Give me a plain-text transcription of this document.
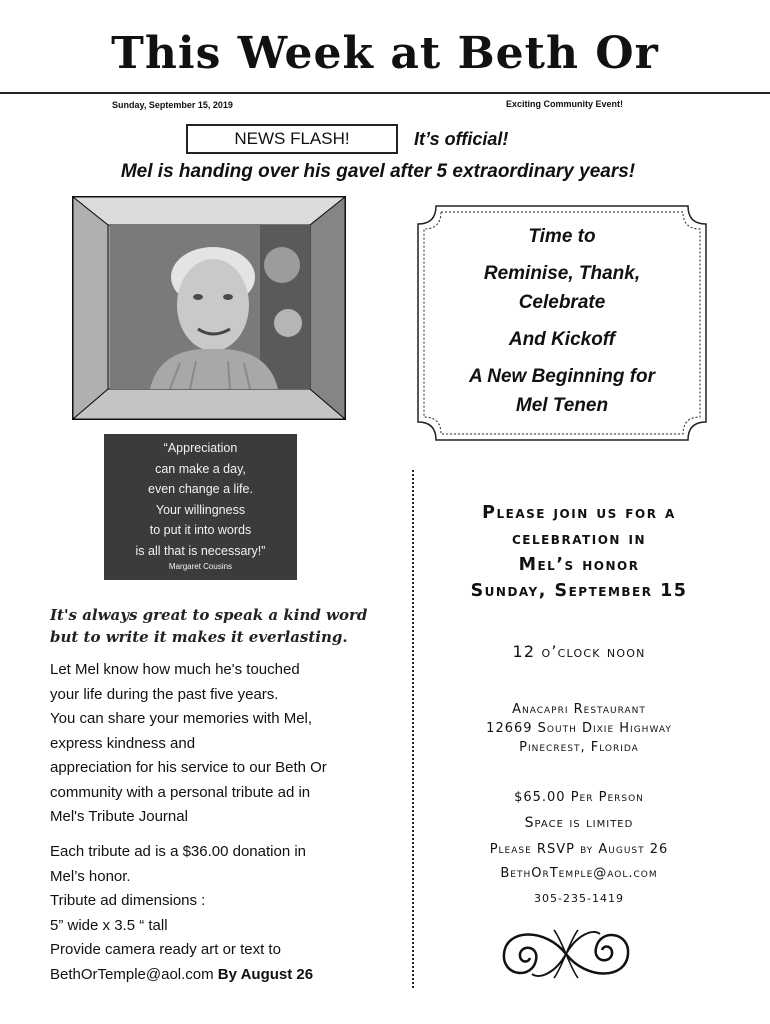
This Week at Beth Or
Sunday, September 15, 2019	Exciting Community Event!
NEWS FLASH!	It’s official!
Mel is handing over his gavel after 5 extraordinary years!
Time to
Reminise, Thank,
Celebrate
And Kickoff
A New Beginning for
Mel Tenen
“Appreciation
can make a day,
even change a life.
Your willingness
to put it into words
is all that is necessary!”
Margaret Cousins
It's always great to speak a kind word
but to write it makes it everlasting.
Let Mel know how much he's touched
your life during the past five years.
You can share your memories with Mel,
express kindness and
appreciation for his service to our Beth Or
community with a personal tribute ad in
Mel's Tribute Journal
Each tribute ad is a $36.00 donation in
Mel’s honor.
Tribute ad dimensions :
5” wide x 3.5 “ tall
Provide camera ready art or text to
BethOrTemple@aol.com By August 26
Please join us for a
celebration in
Mel’s honor
Sunday, September 15
12 o’clock noon
Anacapri Restaurant
12669 South Dixie Highway
Pinecrest, Florida
$65.00 Per Person
Space is limited
Please RSVP by August 26
BethOrTemple@aol.com
305-235-1419
